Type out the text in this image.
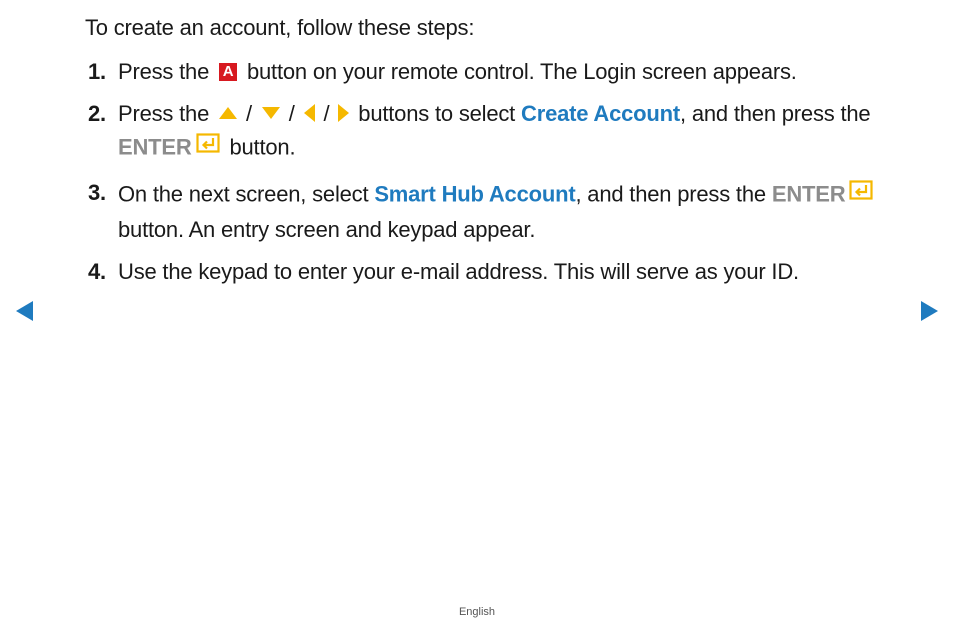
To create an account, follow these steps:
1. Press the A button on your remote control. The Login screen appears.
2. Press the / / / buttons to select Create Account, and then press the ENTER button.
3. On the next screen, select Smart Hub Account, and then press the ENTER button. An entry screen and keypad appear.
4. Use the keypad to enter your e-mail address. This will serve as your ID.
English
